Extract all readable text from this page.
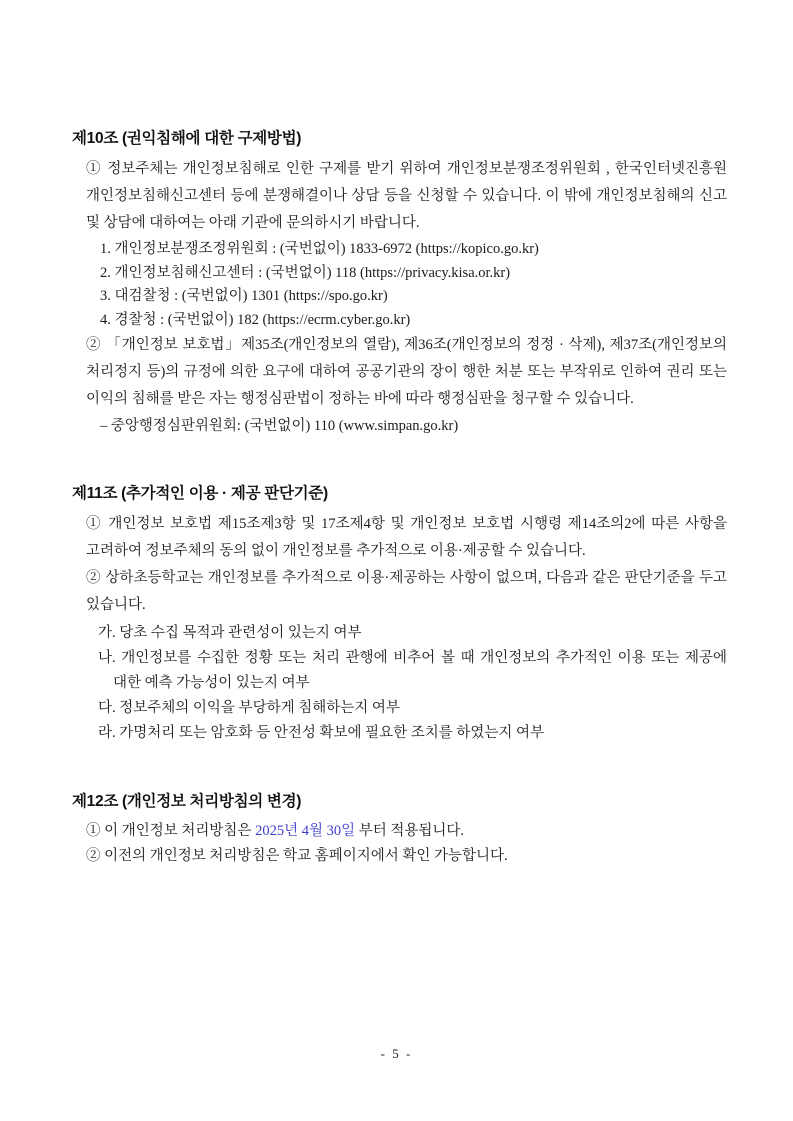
제10조 (권익침해에 대한 구제방법)

① 정보주체는 개인정보침해로 인한 구제를 받기 위하여 개인정보분쟁조정위원회 , 한국인터넷진흥원 개인정보침해신고센터 등에 분쟁해결이나 상담 등을 신청할 수 있습니다. 이 밖에 개인정보침해의 신고 및 상담에 대하여는 아래 기관에 문의하시기 바랍니다.

1. 개인정보분쟁조정위원회 : (국번없이) 1833-6972 (https://kopico.go.kr)
2. 개인정보침해신고센터 : (국번없이) 118 (https://privacy.kisa.or.kr)
3. 대검찰청 : (국번없이) 1301 (https://spo.go.kr)
4. 경찰청 : (국번없이) 182 (https://ecrm.cyber.go.kr)

② 「개인정보 보호법」제35조(개인정보의 열람), 제36조(개인정보의 정정 · 삭제), 제37조(개인정보의 처리정지 등)의 규정에 의한 요구에 대하여 공공기관의 장이 행한 처분 또는 부작위로 인하여 권리 또는 이익의 침해를 받은 자는 행정심판법이 정하는 바에 따라 행정심판을 청구할 수 있습니다.

– 중앙행정심판위원회: (국번없이) 110 (www.simpan.go.kr)

제11조 (추가적인 이용 · 제공 판단기준)

① 개인정보 보호법 제15조제3항 및 17조제4항 및 개인정보 보호법 시행령 제14조의2에 따른 사항을 고려하여 정보주체의 동의 없이 개인정보를 추가적으로 이용·제공할 수 있습니다.

② 상하초등학교는 개인정보를 추가적으로 이용·제공하는 사항이 없으며, 다음과 같은 판단기준을 두고 있습니다.

가. 당초 수집 목적과 관련성이 있는지 여부
나. 개인정보를 수집한 정황 또는 처리 관행에 비추어 볼 때 개인정보의 추가적인 이용 또는 제공에 대한 예측 가능성이 있는지 여부
다. 정보주체의 이익을 부당하게 침해하는지 여부
라. 가명처리 또는 암호화 등 안전성 확보에 필요한 조치를 하였는지 여부
제12조 (개인정보 처리방침의 변경)

① 이 개인정보 처리방침은 2025년 4월 30일 부터 적용됩니다.

② 이전의 개인정보 처리방침은 학교 홈페이지에서 확인 가능합니다.

- 5 -
